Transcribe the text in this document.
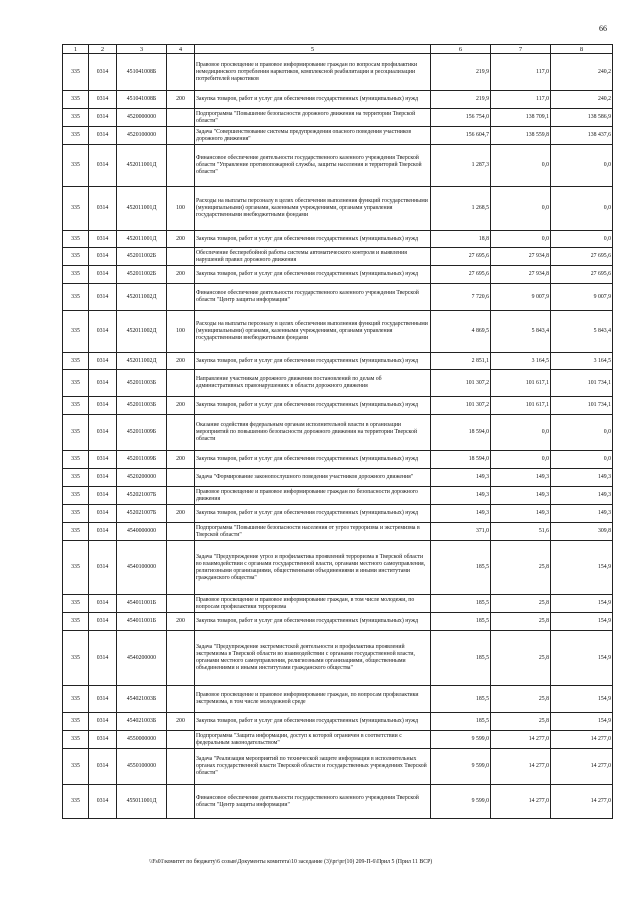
66
1	2	3	4	5	6	7	8
335	0314	451041008Б		Правовое просвещение и правовое информирование граждан по вопросам профилактики немедицинского потребления наркотиков, комплексной реабилитации и ресоциализации потребителей наркотиков	219,9	117,0	240,2
335	0314	451041008Б	200	Закупка товаров, работ и услуг для обеспечения государственных (муниципальных) нужд	219,9	117,0	240,2
335	0314	4520000000		Подпрограмма "Повышение безопасности дорожного движения на территории Тверской области"	156 754,0	138 709,1	138 586,9
335	0314	4520100000		Задача "Совершенствование системы предупреждения опасного поведения участников дорожного движения"	156 604,7	138 559,8	138 437,6
335	0314	452011001Д		Финансовое обеспечение деятельности государственного казенного учреждения Тверской области "Управление противопожарной службы, защиты населения и территорий Тверской области"	1 287,3	0,0	0,0
335	0314	452011001Д	100	Расходы на выплаты персоналу в целях обеспечения выполнения функций государственными (муниципальными) органами, казенными учреждениями, органами управления государственными внебюджетными фондами	1 268,5	0,0	0,0
335	0314	452011001Д	200	Закупка товаров, работ и услуг для обеспечения государственных (муниципальных) нужд	18,8	0,0	0,0
335	0314	452011002Б		Обеспечение бесперебойной работы системы автоматического контроля и выявления нарушений правил дорожного движения	27 695,6	27 934,8	27 695,6
335	0314	452011002Б	200	Закупка товаров, работ и услуг для обеспечения государственных (муниципальных) нужд	27 695,6	27 934,8	27 695,6
335	0314	452011002Д		Финансовое обеспечение деятельности государственного казенного учреждения Тверской области "Центр защиты информации"	7 720,6	9 007,9	9 007,9
335	0314	452011002Д	100	Расходы на выплаты персоналу в целях обеспечения выполнения функций государственными (муниципальными) органами, казенными учреждениями, органами управления государственными внебюджетными фондами	4 869,5	5 843,4	5 843,4
335	0314	452011002Д	200	Закупка товаров, работ и услуг для обеспечения государственных (муниципальных) нужд	2 851,1	3 164,5	3 164,5
335	0314	452011003Б		Направление участникам дорожного движения постановлений по делам об административных правонарушениях в области дорожного движения	101 307,2	101 617,1	101 734,1
335	0314	452011003Б	200	Закупка товаров, работ и услуг для обеспечения государственных (муниципальных) нужд	101 307,2	101 617,1	101 734,1
335	0314	452011009Б		Оказание содействия федеральным органам исполнительной власти в организации мероприятий по повышению безопасности дорожного движения на территории Тверской области	18 594,0	0,0	0,0
335	0314	452011009Б	200	Закупка товаров, работ и услуг для обеспечения государственных (муниципальных) нужд	18 594,0	0,0	0,0
335	0314	4520200000		Задача "Формирование законопослушного поведения участников дорожного движения"	149,3	149,3	149,3
335	0314	452021007Б		Правовое просвещение и правовое информирование граждан по безопасности дорожного движения	149,3	149,3	149,3
335	0314	452021007Б	200	Закупка товаров, работ и услуг для обеспечения государственных (муниципальных) нужд	149,3	149,3	149,3
335	0314	4540000000		Подпрограмма "Повышение безопасности населения от угроз терроризма и экстремизма в Тверской области"	371,0	51,6	309,8
335	0314	4540100000		Задача "Предупреждение угроз и профилактика проявлений терроризма в Тверской области во взаимодействии с органами государственной власти, органами местного самоуправления, религиозными организациями, общественными объединениями и иными институтами гражданского общества"	185,5	25,8	154,9
335	0314	454011001Б		Правовое просвещение и правовое информирование граждан, в том числе молодежи, по вопросам профилактики терроризма	185,5	25,8	154,9
335	0314	454011001Б	200	Закупка товаров, работ и услуг для обеспечения государственных (муниципальных) нужд	185,5	25,8	154,9
335	0314	4540200000		Задача "Предупреждение экстремистской деятельности и профилактика проявлений экстремизма в Тверской области во взаимодействии с органами государственной власти, органами местного самоуправления, религиозными организациями, общественными объединениями и иными институтами гражданского общества"	185,5	25,8	154,9
335	0314	454021003Б		Правовое просвещение и правовое информирование граждан, по вопросам профилактики экстремизма, в том числе молодежной среде	185,5	25,8	154,9
335	0314	454021003Б	200	Закупка товаров, работ и услуг для обеспечения государственных (муниципальных) нужд	185,5	25,8	154,9
335	0314	4550000000		Подпрограмма "Защита информации, доступ к которой ограничен в соответствии с федеральным законодательством"	9 599,0	14 277,0	14 277,0
335	0314	4550100000		Задача "Реализация мероприятий по технической защите информации в исполнительных органах государственной власти Тверской области и государственных учреждениях Тверской области"	9 599,0	14 277,0	14 277,0
335	0314	455011001Д		Финансовое обеспечение деятельности государственного казенного учреждения Тверской области "Центр защиты информации"	9 599,0	14 277,0	14 277,0
\\Fs01\комитет по бюджету\6 созыв\Документы комитета\10 заседание (3)\рг\рг(10) 209-П-6\Прил 5 (Прил 11 ВСР)
